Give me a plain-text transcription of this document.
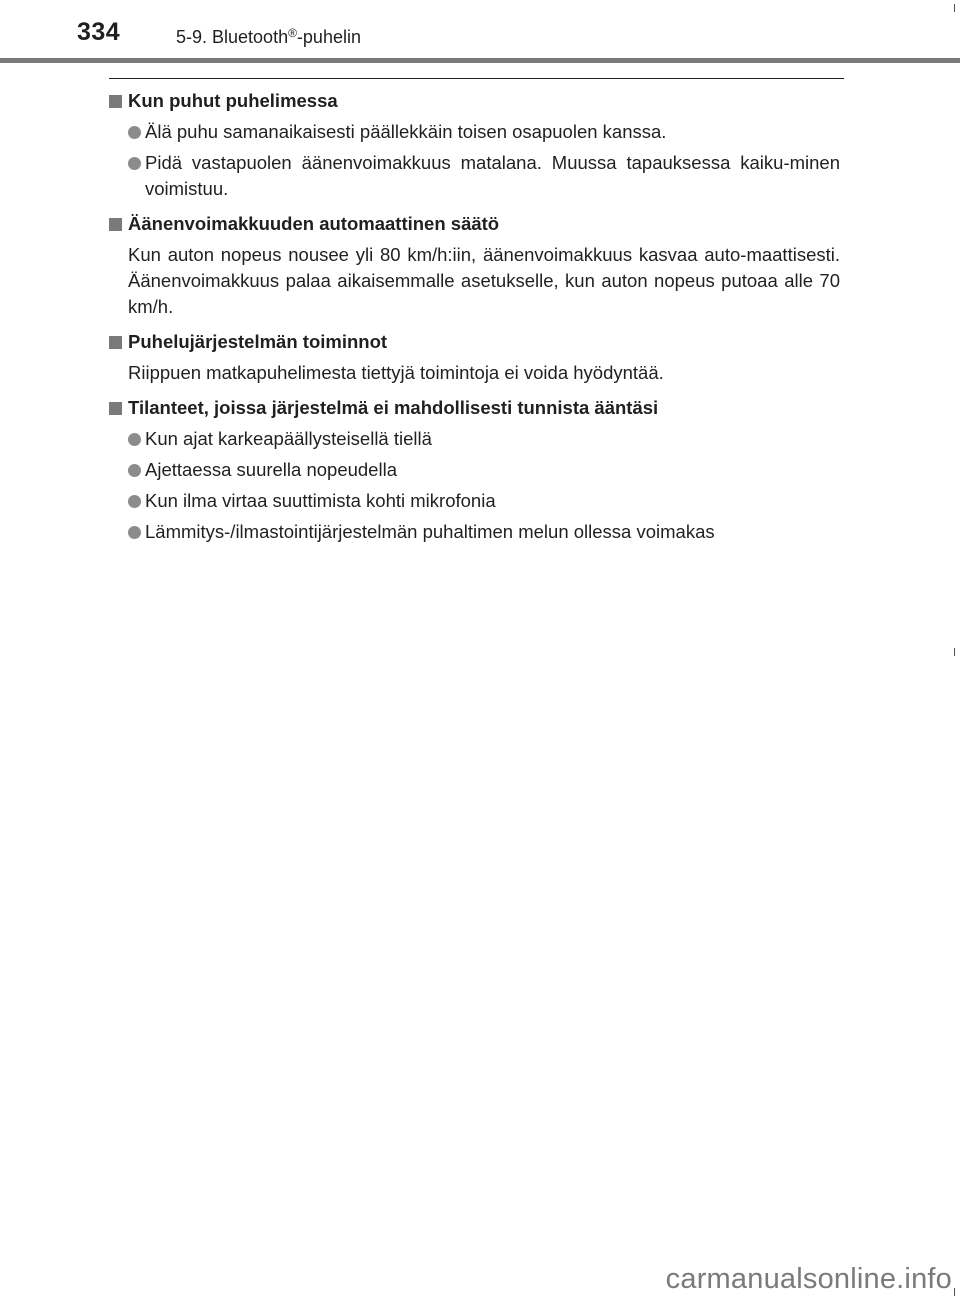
334	5-9. Bluetooth®-puhelin
Kun puhut puhelimessa
Älä puhu samanaikaisesti päällekkäin toisen osapuolen kanssa.
Pidä vastapuolen äänenvoimakkuus matalana. Muussa tapauksessa kaiku-minen voimistuu.
Äänenvoimakkuuden automaattinen säätö
Kun auton nopeus nousee yli 80 km/h:iin, äänenvoimakkuus kasvaa auto-maattisesti. Äänenvoimakkuus palaa aikaisemmalle asetukselle, kun auton nopeus putoaa alle 70 km/h.
Puhelujärjestelmän toiminnot
Riippuen matkapuhelimesta tiettyjä toimintoja ei voida hyödyntää.
Tilanteet, joissa järjestelmä ei mahdollisesti tunnista ääntäsi
Kun ajat karkeapäällysteisellä tiellä
Ajettaessa suurella nopeudella
Kun ilma virtaa suuttimista kohti mikrofonia
Lämmitys-/ilmastointijärjestelmän puhaltimen melun ollessa voimakas
carmanualsonline.info
